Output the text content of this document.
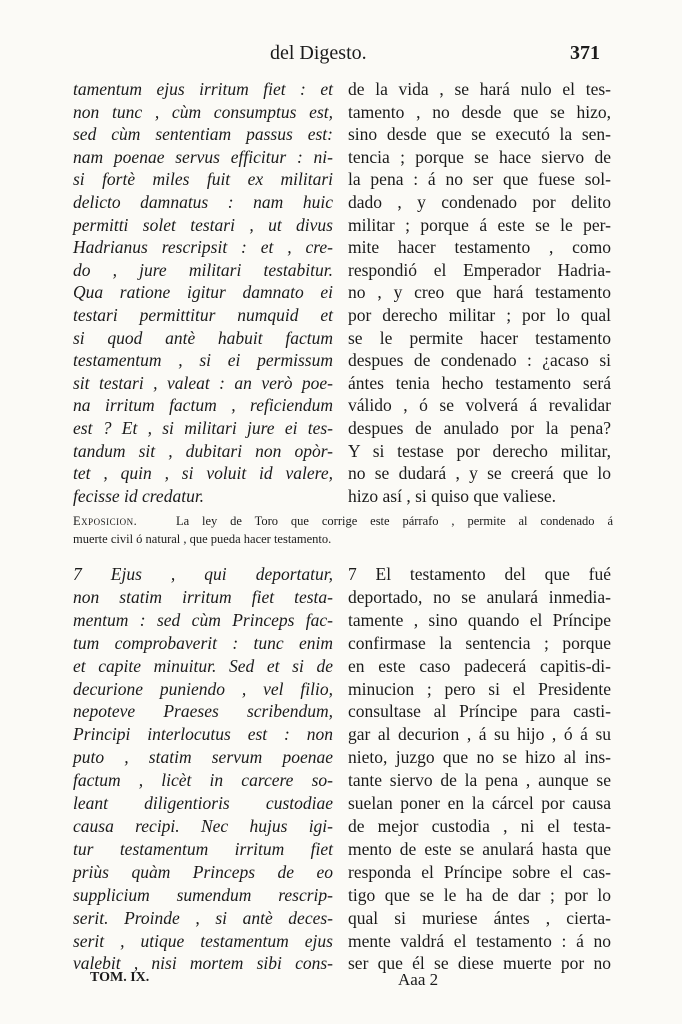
del Digesto.	371
tamentum ejus irritum fiet : et
non tunc , cùm consumptus est,
sed cùm sententiam passus est:
nam poenae servus efficitur : ni-
si fortè miles fuit ex militari
delicto damnatus : nam huic
permitti solet testari , ut divus
Hadrianus rescripsit : et , cre-
do , jure militari testabitur.
Qua ratione igitur damnato ei
testari permittitur numquid et
si quod antè habuit factum
testamentum , si ei permissum
sit testari , valeat : an verò poe-
na irritum factum , reficiendum
est ? Et , si militari jure ei tes-
tandum sit , dubitari non opòr-
tet , quin , si voluit id valere,
fecisse id credatur.
de la vida , se hará nulo el tes-
tamento , no desde que se hizo,
sino desde que se executó la sen-
tencia ; porque se hace siervo de
la pena : á no ser que fuese sol-
dado , y condenado por delito
militar ; porque á este se le per-
mite hacer testamento , como
respondió el Emperador Hadria-
no , y creo que hará testamento
por derecho militar ; por lo qual
se le permite hacer testamento
despues de condenado : ¿acaso si
ántes tenia hecho testamento será
válido , ó se volverá á revalidar
despues de anulado por la pena?
Y si testase por derecho militar,
no se dudará , y se creerá que lo
hizo así , si quiso que valiese.
Exposicion.	La ley de Toro que corrige este párrafo , permite al condenado á
muerte civil ó natural , que pueda hacer testamento.
7 Ejus , qui deportatur,
non statim irritum fiet testa-
mentum : sed cùm Princeps fac-
tum comprobaverit : tunc enim
et capite minuitur. Sed et si de
decurione puniendo , vel filio,
nepoteve Praeses scribendum,
Principi interlocutus est : non
puto , statim servum poenae
factum , licèt in carcere so-
leant diligentioris custodiae
causa recipi. Nec hujus igi-
tur testamentum irritum fiet
priùs quàm Princeps de eo
supplicium sumendum rescrip-
serit. Proinde , si antè deces-
serit , utique testamentum ejus
valebit , nisi mortem sibi cons-
7 El testamento del que fué
deportado, no se anulará inmedia-
tamente , sino quando el Príncipe
confirmase la sentencia ; porque
en este caso padecerá capitis-di-
minucion ; pero si el Presidente
consultase al Príncipe para casti-
gar al decurion , á su hijo , ó á su
nieto, juzgo que no se hizo al ins-
tante siervo de la pena , aunque se
suelan poner en la cárcel por causa
de mejor custodia , ni el testa-
mento de este se anulará hasta que
responda el Príncipe sobre el cas-
tigo que se le ha de dar ; por lo
qual si muriese ántes , cierta-
mente valdrá el testamento : á no
ser que él se diese muerte por no
TOM. IX.	Aaa 2
